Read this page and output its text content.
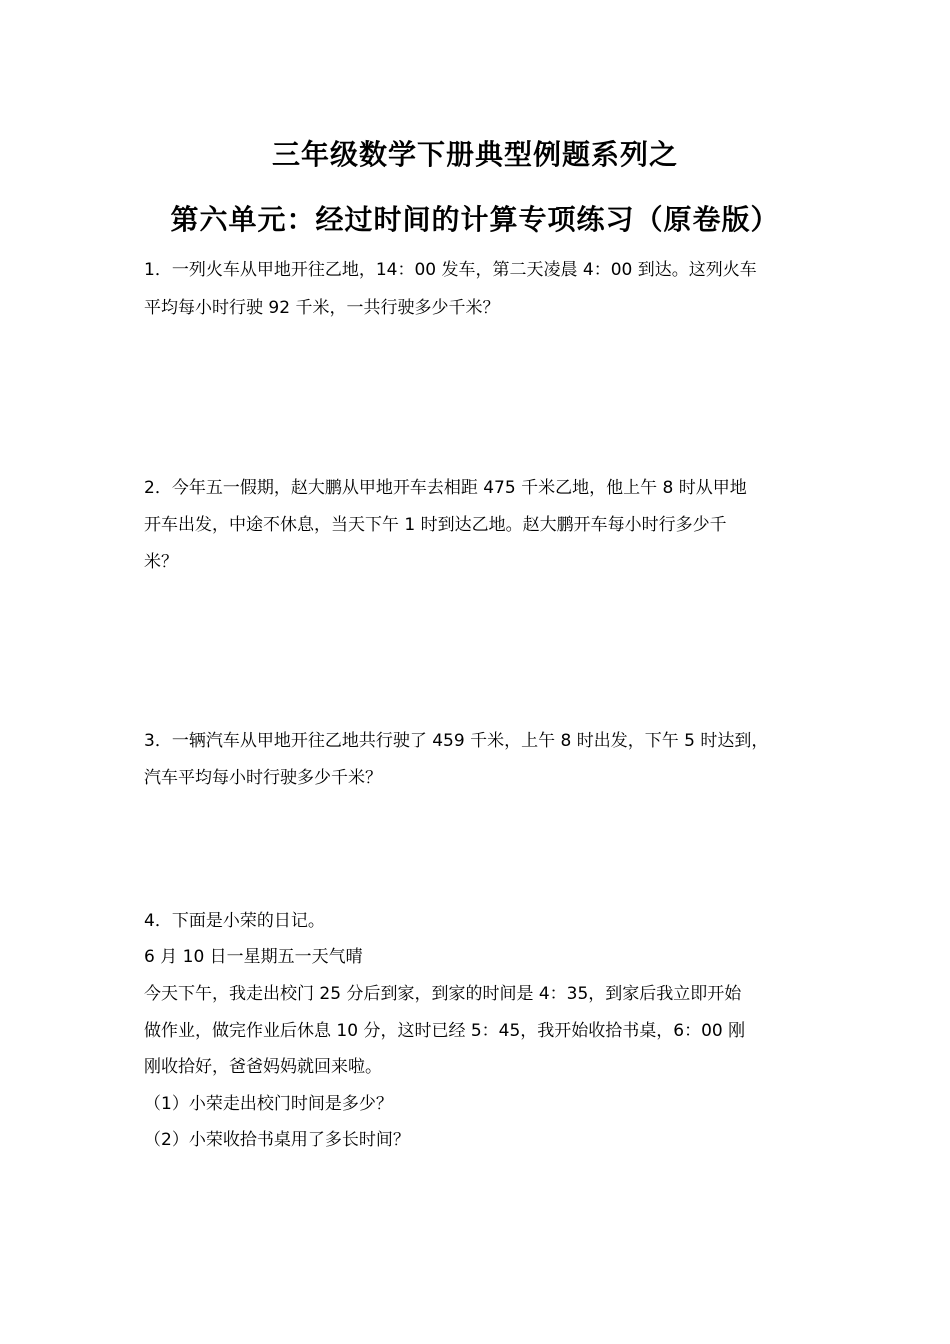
三年级数学下册典型例题系列之
第六单元：经过时间的计算专项练习（原卷版）
1．一列火车从甲地开往乙地，14：00 发车，第二天凌晨 4：00 到达。这列火车
平均每小时行驶 92 千米，一共行驶多少千米？
2．今年五一假期，赵大鹏从甲地开车去相距 475 千米乙地，他上午 8 时从甲地
开车出发，中途不休息，当天下午 1 时到达乙地。赵大鹏开车每小时行多少千
米？
3．一辆汽车从甲地开往乙地共行驶了 459 千米，上午 8 时出发，下午 5 时达到，
汽车平均每小时行驶多少千米？
4．下面是小荣的日记。
6 月 10 日一星期五一天气晴
今天下午，我走出校门 25 分后到家，到家的时间是 4：35，到家后我立即开始
做作业，做完作业后休息 10 分，这时已经 5：45，我开始收拾书桌，6：00 刚
刚收拾好，爸爸妈妈就回来啦。
（1）小荣走出校门时间是多少？
（2）小荣收拾书桌用了多长时间？
